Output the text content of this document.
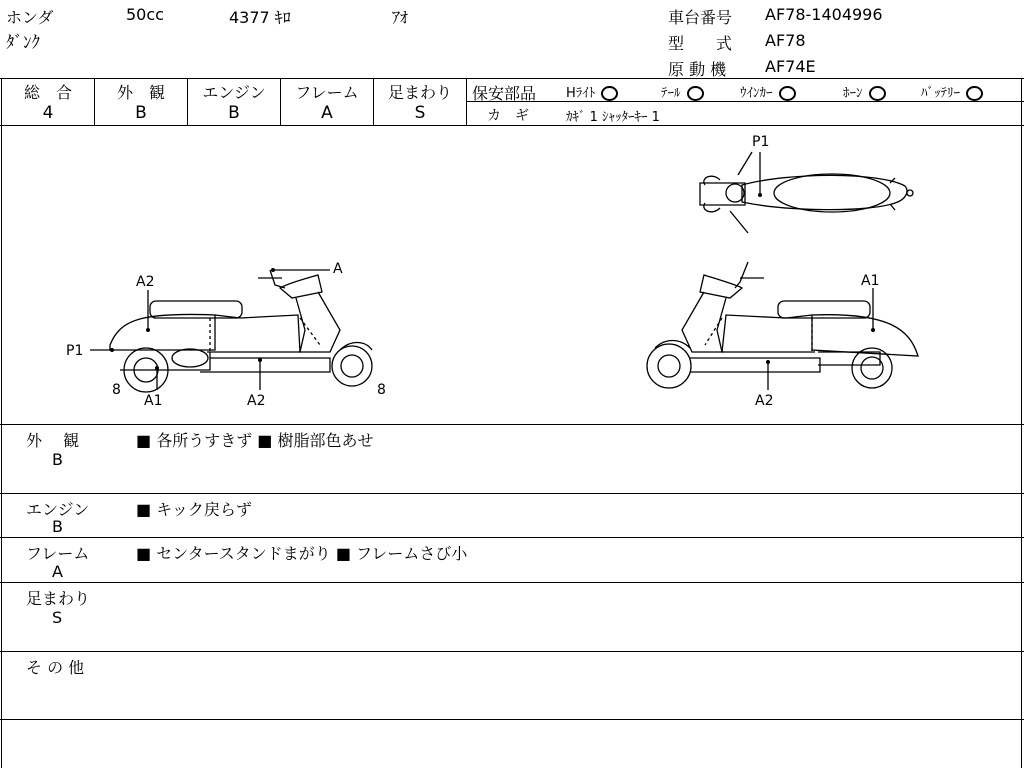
ホンダ	50cc	4377 ｷﾛ	ｱｵ
ﾀﾞﾝｸ
車台番号 AF78-1404996
型　　式 AF78
原 動 機 AF74E
総　合
4
外　観
B
エンジン
B
フレーム
A
足まわり
S
保安部品 Hﾗｲﾄ	ﾃｰﾙ	ｳｲﾝｶｰ	ﾎｰﾝ	ﾊﾞｯﾃﾘｰ
カ　ギ	ｶｷﾞ 1 ｼｬｯﾀｰｷｰ 1
P1
A
A2
P1
8
A1	A2
8
A1
A2
外　 観
B
■ 各所うすきず ■ 樹脂部色あせ
エンジン
B
■ キック戻らず
フレーム
A
■ センタースタンドまがり ■ フレームさび小
足まわり
S
そ の 他
